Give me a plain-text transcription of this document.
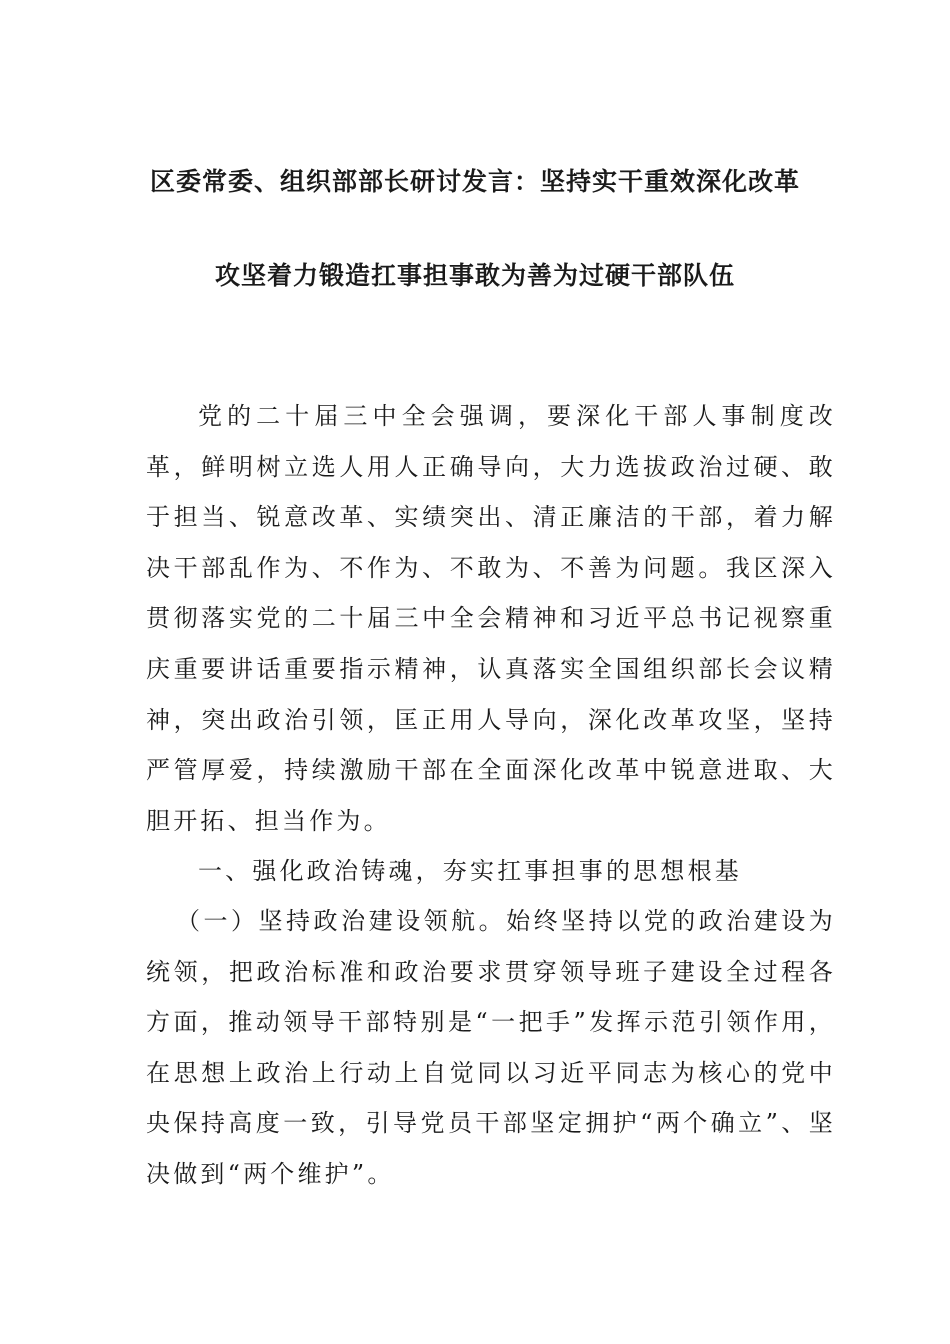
区委常委、组织部部长研讨发言：坚持实干重效深化改革
攻坚着力锻造扛事担事敢为善为过硬干部队伍
党的二十届三中全会强调，要深化干部人事制度改革，鲜明树立选人用人正确导向，大力选拔政治过硬、敢于担当、锐意改革、实绩突出、清正廉洁的干部，着力解决干部乱作为、不作为、不敢为、不善为问题。我区深入贯彻落实党的二十届三中全会精神和习近平总书记视察重庆重要讲话重要指示精神，认真落实全国组织部长会议精神，突出政治引领，匡正用人导向，深化改革攻坚，坚持严管厚爱，持续激励干部在全面深化改革中锐意进取、大胆开拓、担当作为。
一、强化政治铸魂，夯实扛事担事的思想根基
（一）坚持政治建设领航。始终坚持以党的政治建设为统领，把政治标准和政治要求贯穿领导班子建设全过程各方面，推动领导干部特别是“一把手”发挥示范引领作用，在思想上政治上行动上自觉同以习近平同志为核心的党中央保持高度一致，引导党员干部坚定拥护“两个确立”、坚决做到“两个维护”。
